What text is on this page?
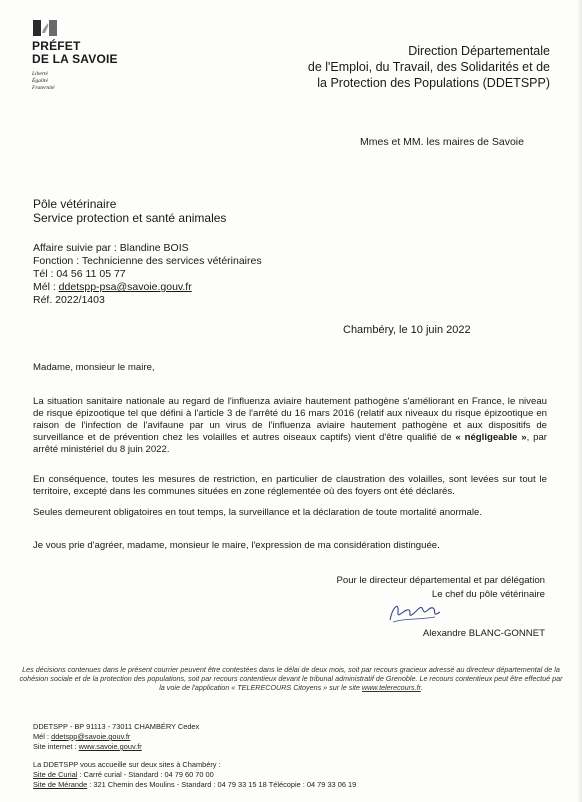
PRÉFET
DE LA SAVOIE
Liberté
Égalité
Fraternité
Direction Départementale
de l'Emploi, du Travail, des Solidarités et de
la Protection des Populations (DDETSPP)
Mmes et MM. les maires de Savoie
Pôle vétérinaire
Service protection et santé animales
Affaire suivie par : Blandine BOIS
Fonction : Technicienne des services vétérinaires
Tél : 04 56 11 05 77
Mél : ddetspp-psa@savoie.gouv.fr
Réf. 2022/1403
Chambéry, le 10 juin 2022
Madame, monsieur le maire,
La situation sanitaire nationale au regard de l'influenza aviaire hautement pathogène s'améliorant en France, le niveau de risque épizootique tel que défini à l'article 3 de l'arrêté du 16 mars 2016 (relatif aux niveaux du risque épizootique en raison de l'infection de l'avifaune par un virus de l'influenza aviaire hautement pathogène et aux dispositifs de surveillance et de prévention chez les volailles et autres oiseaux captifs) vient d'être qualifié de « négligeable », par arrêté ministériel du 8 juin 2022.
En conséquence, toutes les mesures de restriction, en particulier de claustration des volailles, sont levées sur tout le territoire, excepté dans les communes situées en zone réglementée où des foyers ont été déclarés.
Seules demeurent obligatoires en tout temps, la surveillance et la déclaration de toute mortalité anormale.
Je vous prie d'agréer, madame, monsieur le maire, l'expression de ma considération distinguée.
Pour le directeur départemental et par délégation
Le chef du pôle vétérinaire
Alexandre BLANC-GONNET
Les décisions contenues dans le présent courrier peuvent être contestées dans le délai de deux mois, soit par recours gracieux adressé au directeur départemental de la cohésion sociale et de la protection des populations, soit par recours contentieux devant le tribunal administratif de Grenoble. Le recours contentieux peut être effectué par la voie de l'application « TELERECOURS Citoyens » sur le site www.telerecours.fr.
DDETSPP - BP 91113 - 73011 CHAMBÉRY Cedex
Mél : ddetspp@savoie.gouv.fr
Site internet : www.savoie.gouv.fr
La DDETSPP vous accueille sur deux sites à Chambéry :
Site de Curial : Carré curial - Standard : 04 79 60 70 00
Site de Mérande : 321 Chemin des Moulins - Standard : 04 79 33 15 18 Télécopie : 04 79 33 06 19
